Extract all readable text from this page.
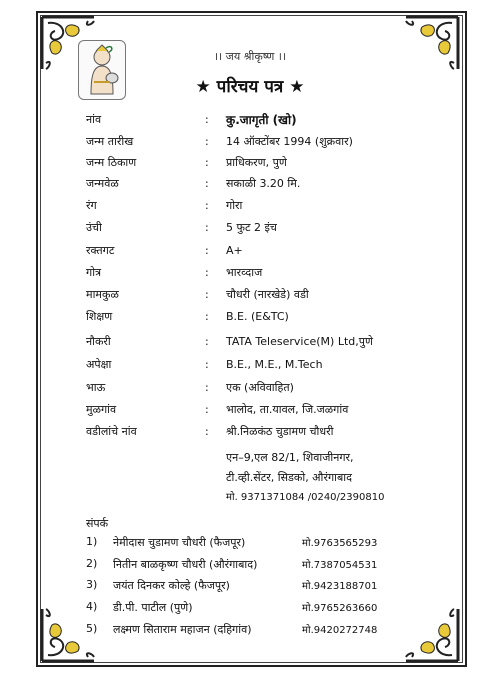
।। जय श्रीकृष्ण ।।
★ परिचय पत्र ★
नांव	: कु.जागृती (खो)
जन्म तारीख	: 14 ऑक्टोंबर 1994 (शुक्रवार)
जन्म ठिकाण	: प्राधिकरण, पुणे
जन्मवेळ	: सकाळी 3.20 मि.
रंग	: गोरा
उंची	: 5 फुट 2 इंच
रक्तगट	: A+
गोत्र	: भारव्दाज
मामकुळ	: चौधरी (नारखेडे) वडी
शिक्षण	: B.E. (E&TC)
नौकरी	: TATA Teleservice(M) Ltd,पुणे
अपेक्षा	: B.E., M.E., M.Tech
भाऊ	: एक (अविवाहित)
मुळगांव	: भालोद, ता.यावल, जि.जळगांव
वडीलांचे नांव	: श्री.निळकंठ चुडामण चौधरी
एन–9,एल 82/1, शिवाजीनगर,
टी.व्ही.सेंटर, सिडको, औरंगाबाद
मो. 9371371084 /0240/2390810
संपर्क
1) नेमीदास चुडामण चौधरी (फैजपूर)	मो.9763565293
2) नितीन बाळकृष्ण चौधरी (औरंगाबाद)	मो.7387054531
3) जयंत दिनकर कोल्हे (फैजपूर)	मो.9423188701
4) डी.पी. पाटील (पुणे)	मो.9765263660
5) लक्ष्मण सिताराम महाजन (दहिगांव)	मो.9420272748
